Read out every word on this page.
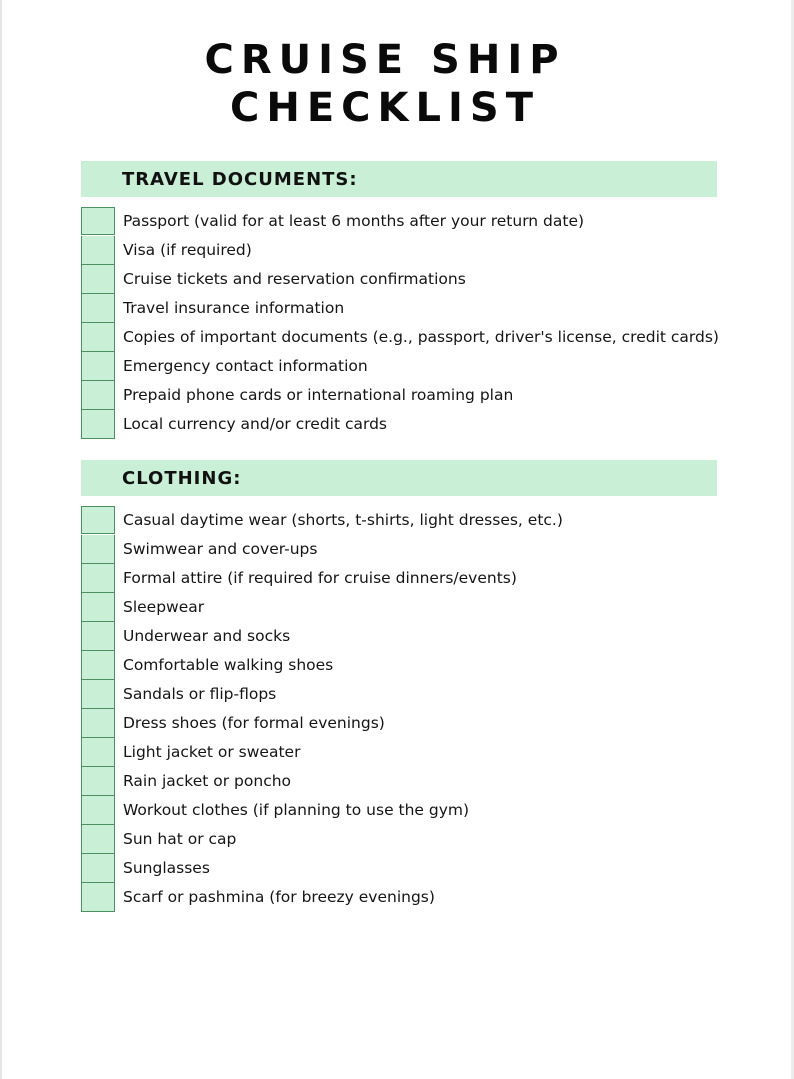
CRUISE SHIP
CHECKLIST
TRAVEL DOCUMENTS:
Passport (valid for at least 6 months after your return date)
Visa (if required)
Cruise tickets and reservation confirmations
Travel insurance information
Copies of important documents (e.g., passport, driver's license, credit cards)
Emergency contact information
Prepaid phone cards or international roaming plan
Local currency and/or credit cards
CLOTHING:
Casual daytime wear (shorts, t-shirts, light dresses, etc.)
Swimwear and cover-ups
Formal attire (if required for cruise dinners/events)
Sleepwear
Underwear and socks
Comfortable walking shoes
Sandals or flip-flops
Dress shoes (for formal evenings)
Light jacket or sweater
Rain jacket or poncho
Workout clothes (if planning to use the gym)
Sun hat or cap
Sunglasses
Scarf or pashmina (for breezy evenings)
